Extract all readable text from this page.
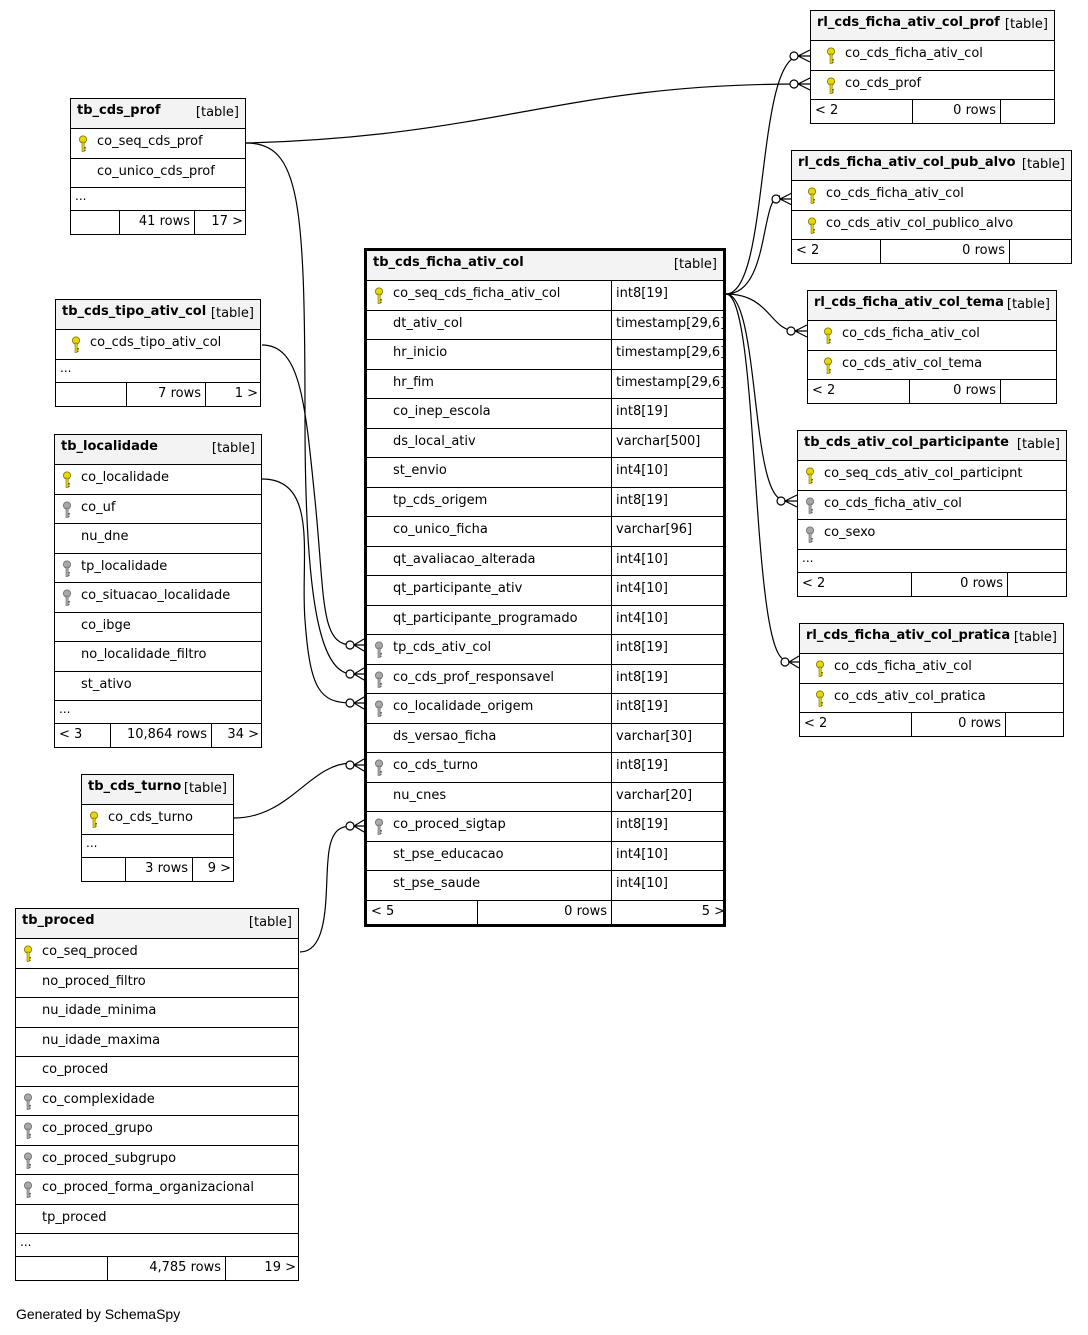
tb_cds_prof	[table]
co_seq_cds_prof
co_unico_cds_prof
...
41 rows 17 >
tb_cds_tipo_ativ_col [table]
co_cds_tipo_ativ_col
...
7 rows	1 >
tb_localidade	[table]
co_localidade
co_uf
nu_dne
tp_localidade
co_situacao_localidade
co_ibge
no_localidade_filtro
st_ativo
...
< 3	10,864 rows 34 >
tb_cds_turno [table]
co_cds_turno
...
3 rows 9 >
tb_proced	[table]
co_seq_proced
no_proced_filtro
nu_idade_minima
nu_idade_maxima
co_proced
co_complexidade
co_proced_grupo
co_proced_subgrupo
co_proced_forma_organizacional
tp_proced
...
4,785 rows	19 >
tb_cds_ficha_ativ_col	[table]
co_seq_cds_ficha_ativ_col	int8[19]
dt_ativ_col	timestamp[29,6]
hr_inicio	timestamp[29,6]
hr_fim	timestamp[29,6]
co_inep_escola	int8[19]
ds_local_ativ	varchar[500]
st_envio	int4[10]
tp_cds_origem	int8[19]
co_unico_ficha	varchar[96]
qt_avaliacao_alterada	int4[10]
qt_participante_ativ	int4[10]
qt_participante_programado	int4[10]
tp_cds_ativ_col	int8[19]
co_cds_prof_responsavel	int8[19]
co_localidade_origem	int8[19]
ds_versao_ficha	varchar[30]
co_cds_turno	int8[19]
nu_cnes	varchar[20]
co_proced_sigtap	int8[19]
st_pse_educacao	int4[10]
st_pse_saude	int4[10]
< 5	0 rows	5 >
rl_cds_ficha_ativ_col_prof [table]
co_cds_ficha_ativ_col
co_cds_prof
< 2	0 rows
rl_cds_ficha_ativ_col_pub_alvo [table]
co_cds_ficha_ativ_col
co_cds_ativ_col_publico_alvo
< 2	0 rows
rl_cds_ficha_ativ_col_tema [table]
co_cds_ficha_ativ_col
co_cds_ativ_col_tema
< 2	0 rows
tb_cds_ativ_col_participante [table]
co_seq_cds_ativ_col_participnt
co_cds_ficha_ativ_col
co_sexo
...
< 2	0 rows
rl_cds_ficha_ativ_col_pratica [table]
co_cds_ficha_ativ_col
co_cds_ativ_col_pratica
< 2	0 rows
Generated by SchemaSpy
